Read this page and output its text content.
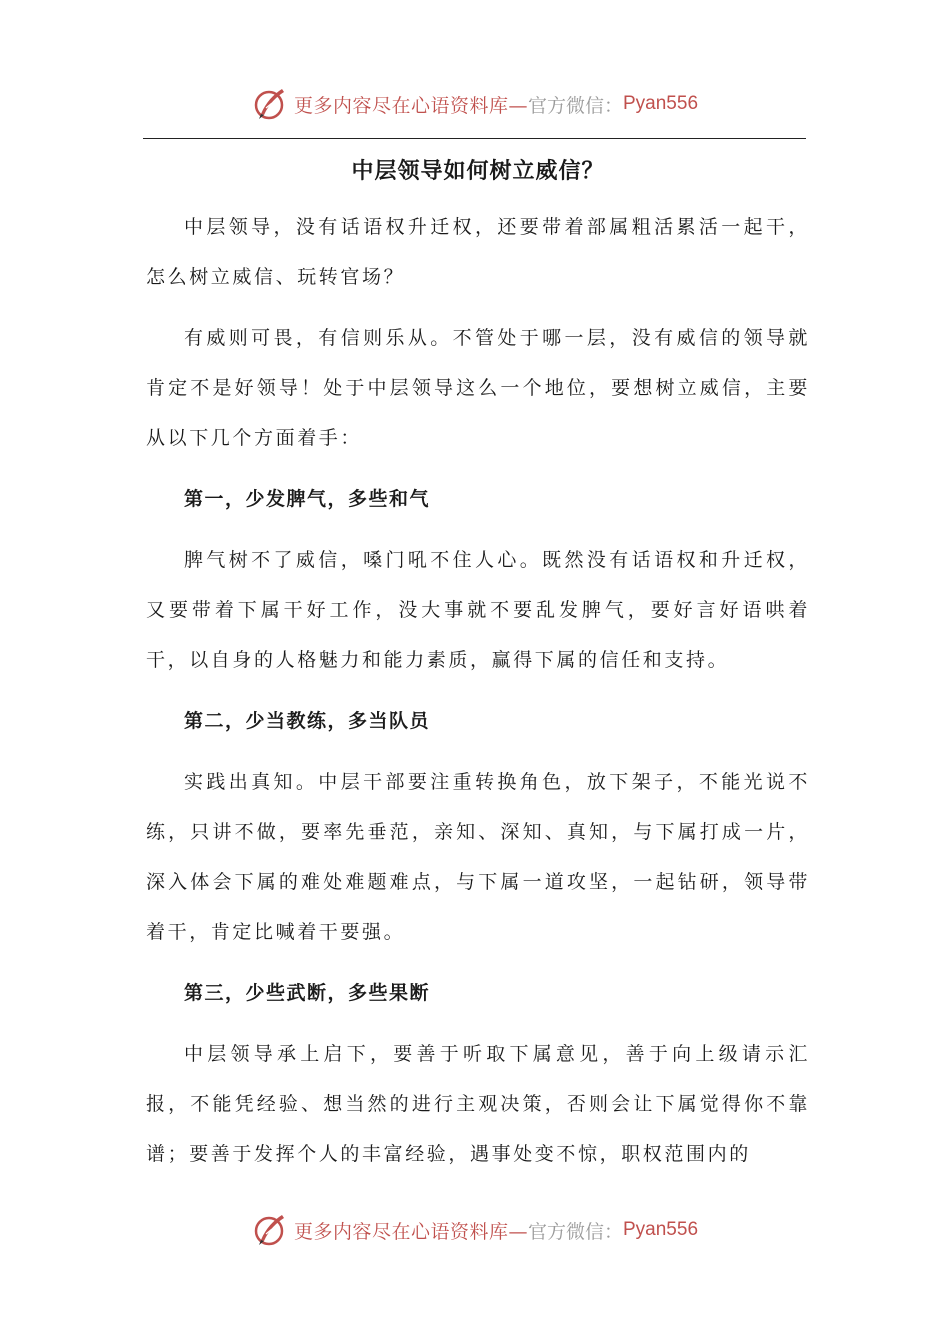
更多内容尽在心语资料库— 官方微信： Pyan556
中层领导如何树立威信？

中层领导，没有话语权升迁权，还要带着部属粗活累活一起干，怎么树立威信、玩转官场？

有威则可畏，有信则乐从。不管处于哪一层，没有威信的领导就肯定不是好领导！处于中层领导这么一个地位，要想树立威信，主要从以下几个方面着手：

第一，少发脾气，多些和气

脾气树不了威信，嗓门吼不住人心。既然没有话语权和升迁权，又要带着下属干好工作，没大事就不要乱发脾气，要好言好语哄着干，以自身的人格魅力和能力素质，赢得下属的信任和支持。

第二，少当教练，多当队员

实践出真知。中层干部要注重转换角色，放下架子，不能光说不练，只讲不做，要率先垂范，亲知、深知、真知，与下属打成一片，深入体会下属的难处难题难点，与下属一道攻坚，一起钻研，领导带着干，肯定比喊着干要强。

第三，少些武断，多些果断

中层领导承上启下，要善于听取下属意见，善于向上级请示汇报，不能凭经验、想当然的进行主观决策，否则会让下属觉得你不靠谱；要善于发挥个人的丰富经验，遇事处变不惊，职权范围内的

更多内容尽在心语资料库— 官方微信： Pyan556
